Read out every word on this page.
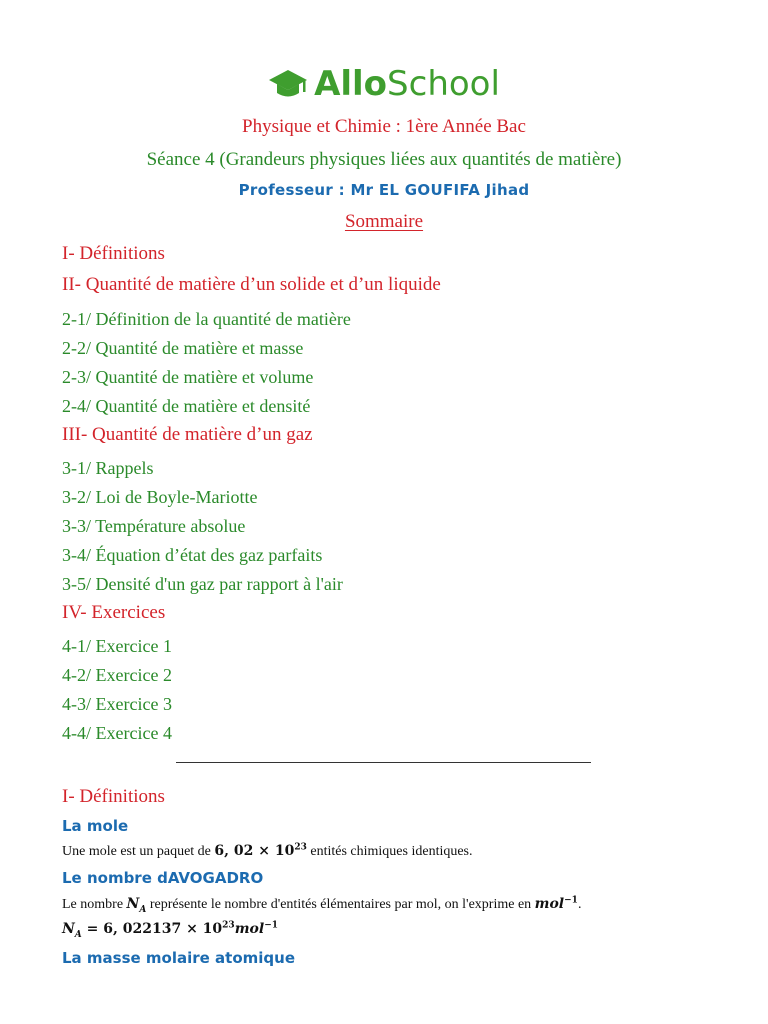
AlloSchool
Physique et Chimie : 1ère Année Bac
Séance 4 (Grandeurs physiques liées aux quantités de matière)
Professeur : Mr EL GOUFIFA Jihad
Sommaire
I- Définitions
II- Quantité de matière d’un solide et d’un liquide
2-1/ Définition de la quantité de matière
2-2/ Quantité de matière et masse
2-3/ Quantité de matière et volume
2-4/ Quantité de matière et densité
III- Quantité de matière d’un gaz
3-1/ Rappels
3-2/ Loi de Boyle-Mariotte
3-3/ Température absolue
3-4/ Équation d’état des gaz parfaits
3-5/ Densité d'un gaz par rapport à l'air
IV- Exercices
4-1/ Exercice 1
4-2/ Exercice 2
4-3/ Exercice 3
4-4/ Exercice 4
I- Définitions
La mole
Une mole est un paquet de 6, $02 \times 10^{23}$ entités chimiques identiques.
Le nombre dAVOGADRO
Le nombre $N_A$ représente le nombre d'entités élémentaires par mol, on l'exprime en mol$^{-1}$.
$N_A = 6$, $022137 \times 10^{23}mol^{-1}$
La masse molaire atomique
